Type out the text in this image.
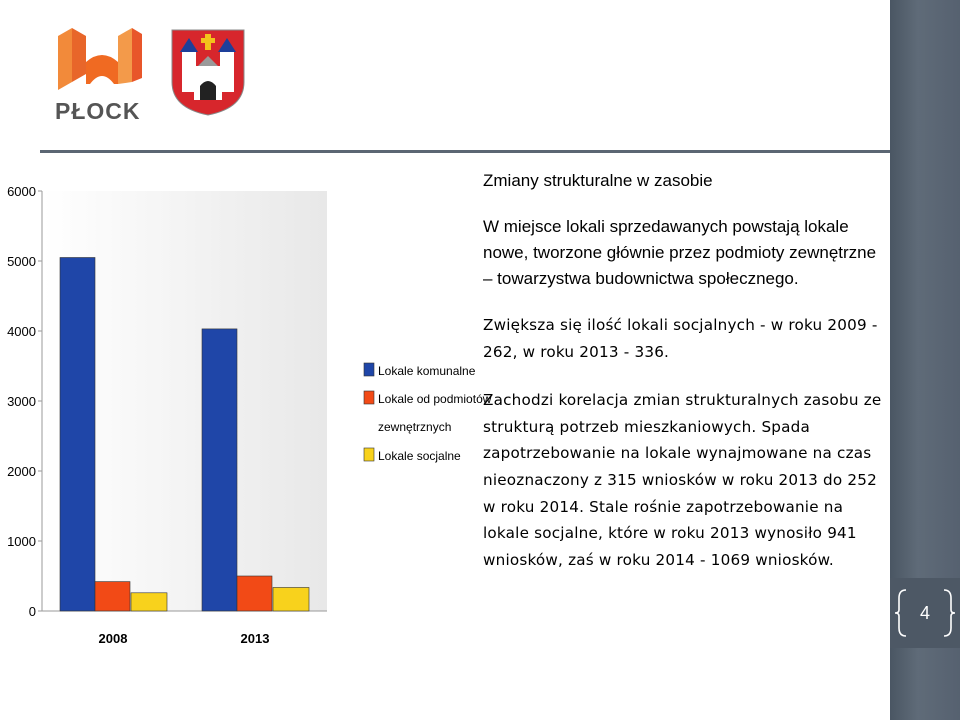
4
Sprawozdanie z realizacji Programu Gospodarowania Mieszkaniowym
Zasobem Gminy w latach 2009-2014
PŁOCK
0
1000
2000
3000
4000
5000
6000
2008	2013
Lokale komunalne
Lokale od podmiotów
zewnętrznych
Lokale socjalne

Zmiany strukturalne w zasobie

W miejsce lokali sprzedawanych powstają lokale nowe, tworzone głównie przez podmioty zewnętrzne – towarzystwa budownictwa społecznego.

Zwiększa się ilość lokali socjalnych - w roku 2009 - 262, w roku 2013 - 336.

Zachodzi korelacja zmian strukturalnych zasobu ze strukturą potrzeb mieszkaniowych. Spada zapotrzebowanie na lokale wynajmowane na czas nieoznaczony z 315 wniosków w roku 2013 do 252 w roku 2014. Stale rośnie zapotrzebowanie na lokale socjalne, które w roku 2013 wynosiło 941 wniosków, zaś w roku 2014 - 1069 wniosków.
